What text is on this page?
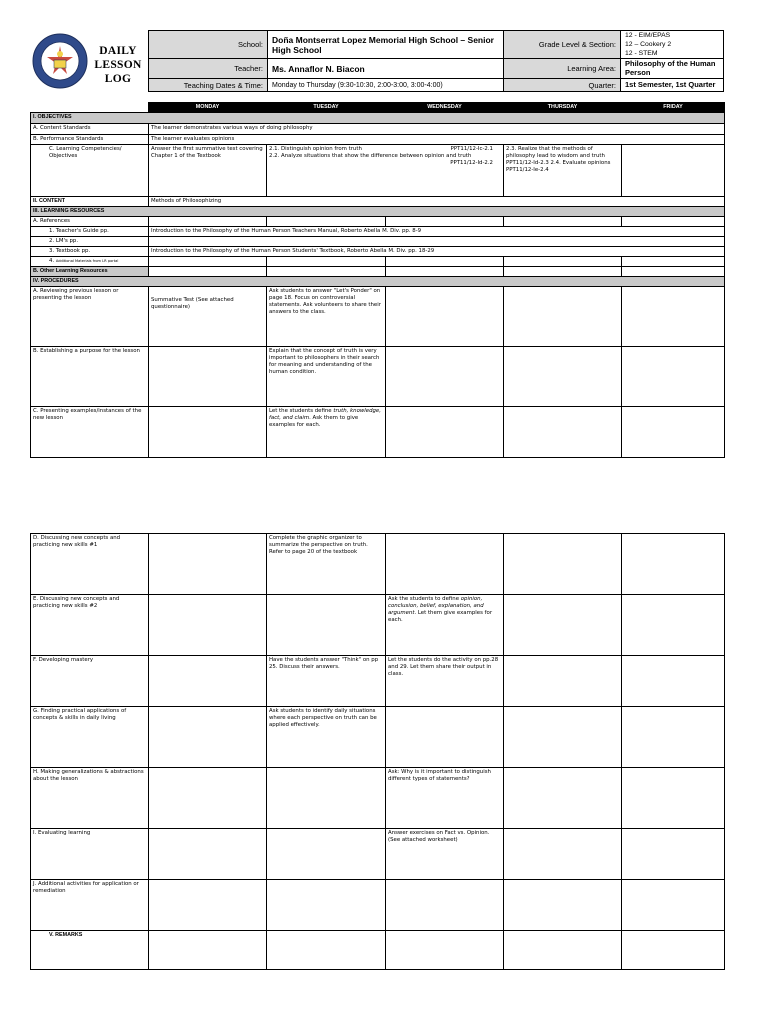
DAILY
LESSON
LOG
School:	Doña Montserrat Lopez Memorial High School – Senior High School	Grade Level & Section:
12 - EIM/EPAS
12 – Cookery 2
12 - STEM
Teacher:	Ms. Annaflor N. Biacon	Learning Area:
Philosophy of the Human Person
Teaching Dates & Time:	Monday to Thursday (9:30-10:30, 2:00-3:00, 3:00-4:00)	Quarter:	1st Semester, 1st Quarter
	MONDAY	TUESDAY	WEDNESDAY	THURSDAY	FRIDAY
I. OBJECTIVES					
A. Content Standards	The learner demonstrates various ways of doing philosophy				
B. Performance Standards	The learner evaluates opinions				
C. Learning Competencies/ Objectives	Answer the first summative test covering Chapter 1 of the Textbook	2.1. Distinguish opinion from truth PPT11/12-Ic-2.1
2.2. Analyze situations that show the difference between opinion and truth
PPT11/12-Id-2.2		2.3. Realize that the methods of philosophy lead to wisdom and truth PPT11/12-Id-2.3 2.4. Evaluate opinions PPT11/12-Ie-2.4	
II. CONTENT	Methods of Philosophizing				
III. LEARNING RESOURCES					
A. References					
1. Teacher's Guide pp.	Introduction to the Philosophy of the Human Person Teachers Manual, Roberto Abella M. Div. pp. 8-9				
2. LM's pp.					
3. Textbook pp.	Introduction to the Philosophy of the Human Person Students' Textbook, Roberto Abella M. Div. pp. 18-29				
4. Additional Materials from LR portal					
B. Other Learning Resources					
IV. PROCEDURES					
A. Reviewing previous lesson or presenting the lesson	Summative Test (See attached questionnaire)	Ask students to answer "Let's Ponder" on page 18. Focus on controversial statements. Ask volunteers to share their answers to the class.			
B. Establishing a purpose for the lesson		Explain that the concept of truth is very important to philosophers in their search for meaning and understanding of the human condition.			
C. Presenting examples/instances of the new lesson		Let the students define truth, knowledge, fact, and claim. Ask them to give examples for each.			
D. Discussing new concepts and practicing new skills #1		Complete the graphic organizer to summarize the perspective on truth. Refer to page 20 of the textbook			
E. Discussing new concepts and practicing new skills #2			Ask the students to define opinion, conclusion, belief, explanation, and argument. Let them give examples for each.		
F. Developing mastery		Have the students answer "Think" on pp 25. Discuss their answers.	Let the students do the activity on pp.28 and 29. Let them share their output in class.		
G. Finding practical applications of concepts & skills in daily living		Ask students to identify daily situations where each perspective on truth can be applied effectively.			
H. Making generalizations & abstractions about the lesson			Ask: Why is it important to distinguish different types of statements?		
I. Evaluating learning			Answer exercises on Fact vs. Opinion. (See attached worksheet)		
J. Additional activities for application or remediation					
V. REMARKS					
